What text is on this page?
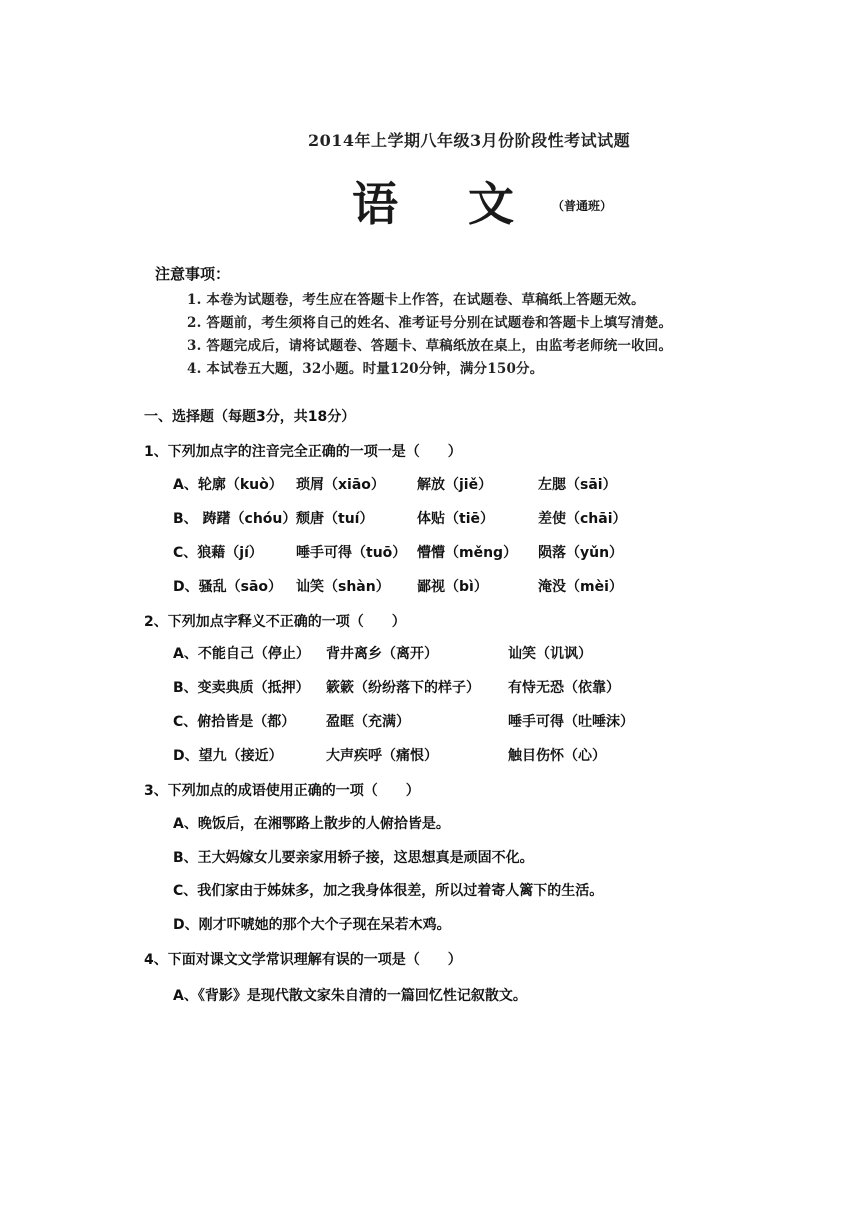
2014年上学期八年级3月份阶段性考试试题
语 文	（普通班）
注意事项：
1. 本卷为试题卷，考生应在答题卡上作答，在试题卷、草稿纸上答题无效。
2. 答题前，考生须将自己的姓名、准考证号分别在试题卷和答题卡上填写清楚。
3. 答题完成后，请将试题卷、答题卡、草稿纸放在桌上，由监考老师统一收回。
4. 本试卷五大题，32小题。时量120分钟，满分150分。
一、选择题（每题3分，共18分）
1、下列加点字的注音完全正确的一项一是（　　）
A、轮廓（kuò） 琐屑（xiāo） 解放（jiě）	左腮（sāi）
B、 踌躇（chóu） 颓唐（tuí）	体贴（tiē）	差使（chāi）
C、狼藉（jí） 唾手可得（tuō） 懵懵（měng） 陨落（yǔn）
D、骚乱（sāo） 讪笑（shàn） 鄙视（bì）	淹没（mèi）
2、下列加点字释义不正确的一项（　　）
A、不能自己（停止） 背井离乡（离开）	讪笑（讥讽）
B、变卖典质（抵押） 簌簌（纷纷落下的样子） 有恃无恐（依靠）
C、俯拾皆是（都） 盈眶（充满）	唾手可得（吐唾沫）
D、望九（接近）	大声疾呼（痛恨）	触目伤怀（心）
3、下列加点的成语使用正确的一项（　　）
A、晚饭后，在湘鄂路上散步的人俯拾皆是。
B、王大妈嫁女儿要亲家用轿子接，这思想真是顽固不化。
C、我们家由于姊妹多，加之我身体很差，所以过着寄人篱下的生活。
D、刚才吓唬她的那个大个子现在呆若木鸡。
4、下面对课文文学常识理解有误的一项是（　　）
A、《背影》是现代散文家朱自清的一篇回忆性记叙散文。
